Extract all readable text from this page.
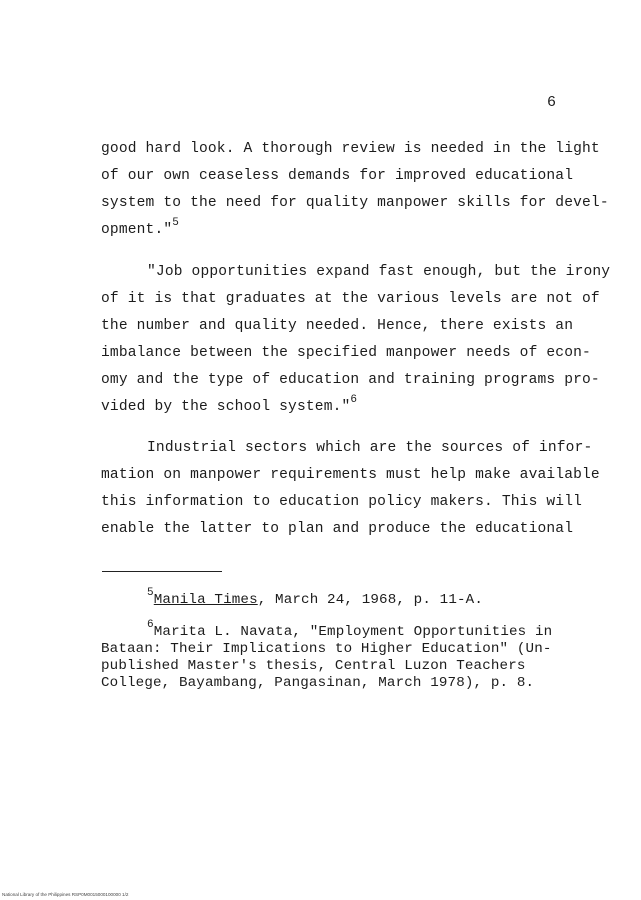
6
good hard look. A thorough review is needed in the light
of our own ceaseless demands for improved educational
system to the need for quality manpower skills for devel-
opment."$^5$
"Job opportunities expand fast enough, but the irony
of it is that graduates at the various levels are not of
the number and quality needed. Hence, there exists an
imbalance between the specified manpower needs of econ-
omy and the type of education and training programs pro-
vided by the school system."$^6$
Industrial sectors which are the sources of infor-
mation on manpower requirements must help make available
this information to education policy makers. This will
enable the latter to plan and produce the educational
$^5$Manila Times, March 24, 1968, p. 11-A.
$^6$Marita L. Navata, "Employment Opportunities in
Bataan: Their Implications to Higher Education" (Un-
published Master's thesis, Central Luzon Teachers
College, Bayambang, Pangasinan, March 1978), p. 8.
National Library of the Philippines RSP0M0015000100000 1/2
